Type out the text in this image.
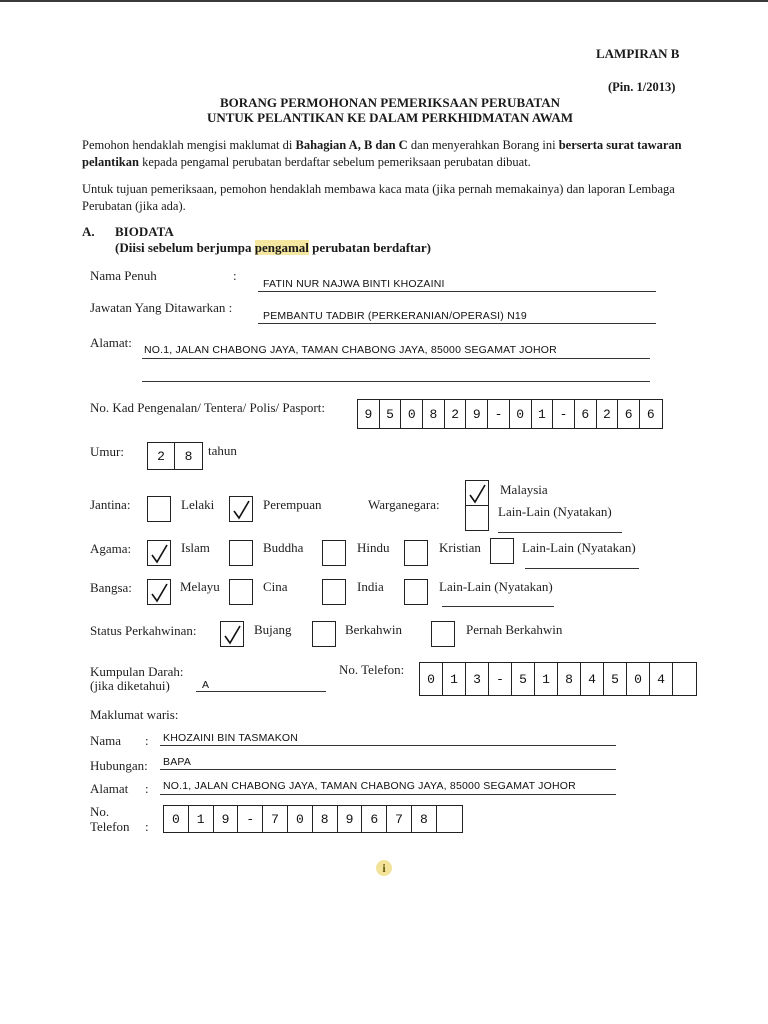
LAMPIRAN B
(Pin. 1/2013)
BORANG PERMOHONAN PEMERIKSAAN PERUBATAN
UNTUK PELANTIKAN KE DALAM PERKHIDMATAN AWAM
Pemohon hendaklah mengisi maklumat di Bahagian A, B dan C dan menyerahkan Borang ini berserta surat tawaran pelantikan kepada pengamal perubatan berdaftar sebelum pemeriksaan perubatan dibuat.
Untuk tujuan pemeriksaan, pemohon hendaklah membawa kaca mata (jika pernah memakainya) dan laporan Lembaga Perubatan (jika ada).
A. BIODATA
(Diisi sebelum berjumpa pengamal perubatan berdaftar)
Nama Penuh	:
FATIN NUR NAJWA BINTI KHOZAINI
Jawatan Yang Ditawarkan :
PEMBANTU TADBIR (PERKERANIAN/OPERASI) N19
Alamat: NO.1, JALAN CHABONG JAYA, TAMAN CHABONG JAYA, 85000 SEGAMAT JOHOR
No. Kad Pengenalan/ Tentera/ Polis/ Pasport:	9	5	0	8	2	9	-	0	1	-	6	2	6	6
Umur:	2	8	tahun
Jantina:	Lelaki	Perempuan	Warganegara:
Malaysia
Lain-Lain (Nyatakan)
Agama:	Islam	Buddha	Hindu	Kristian	Lain-Lain (Nyatakan)
Bangsa:	Melayu	Cina	India	Lain-Lain (Nyatakan)
Status Perkahwinan:	Bujang	Berkahwin	Pernah Berkahwin
Kumpulan Darah:
(jika diketahui)	A
No. Telefon:
0	1	3	-	5	1	8	4	5	0	4
Maklumat waris:
Nama : KHOZAINI BIN TASMAKON
Hubungan: BAPA
Alamat : NO.1, JALAN CHABONG JAYA, TAMAN CHABONG JAYA, 85000 SEGAMAT JOHOR
No.
Telefon :	0	1	9	-	7	0	8	9	6	7	8
i
